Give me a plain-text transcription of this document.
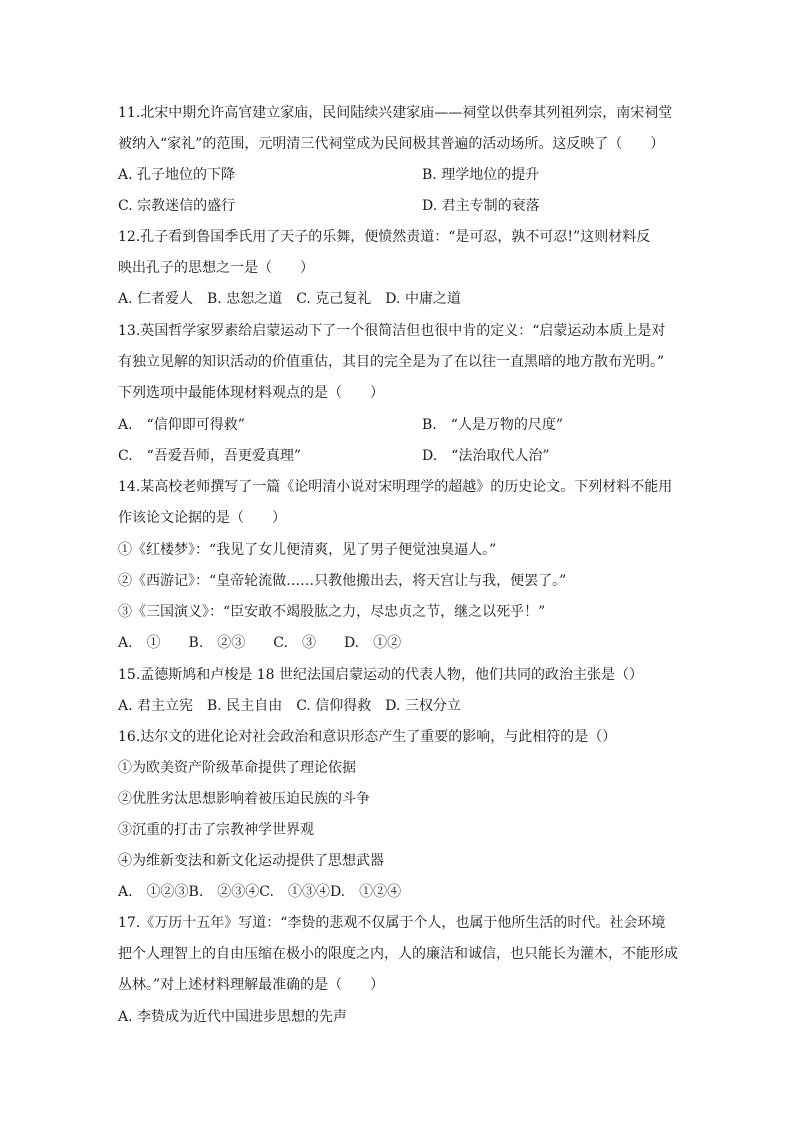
11.北宋中期允许高官建立家庙，民间陆续兴建家庙——祠堂以供奉其列祖列宗，南宋祠堂
被纳入“家礼”的范围，元明清三代祠堂成为民间极其普遍的活动场所。这反映了（　　）
A. 孔子地位的下降	B. 理学地位的提升
C. 宗教迷信的盛行	D. 君主专制的衰落
12.孔子看到鲁国季氏用了天子的乐舞，便愤然责道：“是可忍，孰不可忍!”这则材料反
映出孔子的思想之一是（　　）
A. 仁者爱人　B. 忠恕之道　C. 克己复礼　D. 中庸之道
13.英国哲学家罗素给启蒙运动下了一个很简洁但也很中肯的定义：“启蒙运动本质上是对
有独立见解的知识活动的价值重估，其目的完全是为了在以往一直黑暗的地方散布光明。”
下列选项中最能体现材料观点的是（　　）
A.　“信仰即可得救”	B.　“人是万物的尺度”
C.　“吾爱吾师，吾更爱真理”	D.　“法治取代人治”
14.某高校老师撰写了一篇《论明清小说对宋明理学的超越》的历史论文。下列材料不能用
作该论文论据的是（　　）
①《红楼梦》：“我见了女儿便清爽，见了男子便觉浊臭逼人。”
②《西游记》：“皇帝轮流做……只教他搬出去，将天宫让与我，便罢了。”
③《三国演义》：“臣安敢不竭股肱之力，尽忠贞之节，继之以死乎！”
A.　①　　B.　②③　　C.　③　　D.　①②
15.孟德斯鸠和卢梭是 18 世纪法国启蒙运动的代表人物，他们共同的政治主张是（）
A. 君主立宪　B. 民主自由　C. 信仰得救　D. 三权分立
16.达尔文的进化论对社会政治和意识形态产生了重要的影响，与此相符的是（）
①为欧美资产阶级革命提供了理论依据
②优胜劣汰思想影响着被压迫民族的斗争
③沉重的打击了宗教神学世界观
④为维新变法和新文化运动提供了思想武器
A.　①②③B.　②③④C.　①③④D.　①②④
17.《万历十五年》写道：“李贽的悲观不仅属于个人，也属于他所生活的时代。社会环境
把个人理智上的自由压缩在极小的限度之内，人的廉洁和诚信，也只能长为灌木，不能形成
丛林。”对上述材料理解最准确的是（　　）
A. 李贽成为近代中国进步思想的先声
